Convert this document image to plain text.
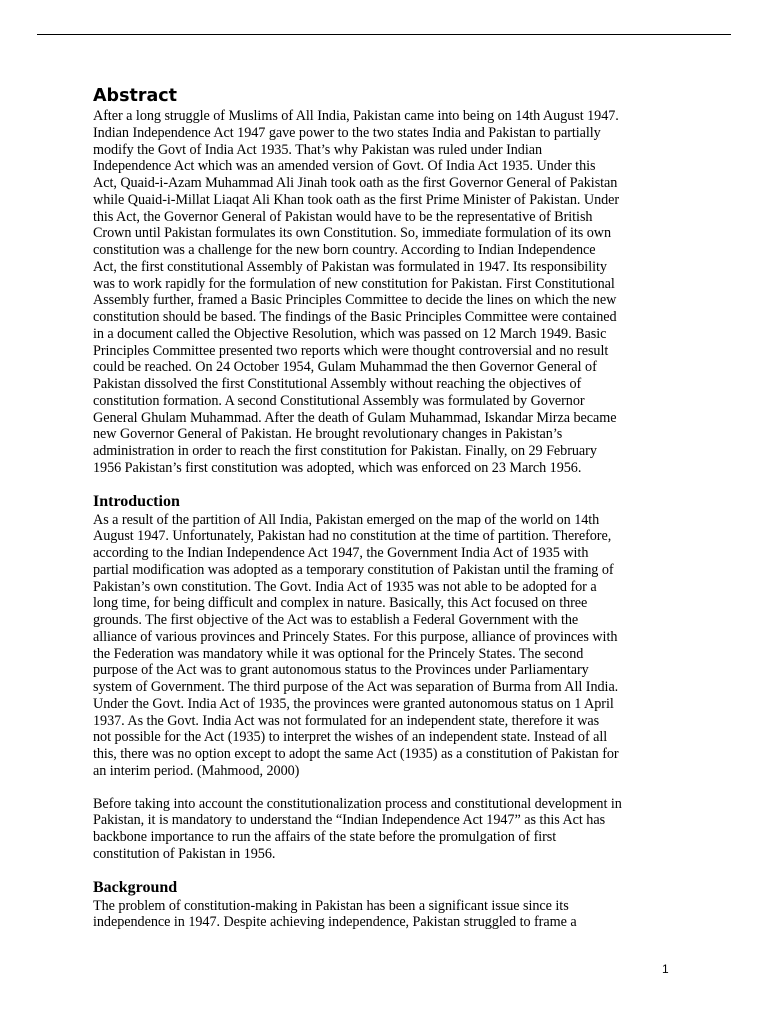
Abstract

After a long struggle of Muslims of All India, Pakistan came into being on 14th August 1947.
Indian Independence Act 1947 gave power to the two states India and Pakistan to partially
modify the Govt of India Act 1935. That’s why Pakistan was ruled under Indian
Independence Act which was an amended version of Govt. Of India Act 1935. Under this
Act, Quaid-i-Azam Muhammad Ali Jinah took oath as the first Governor General of Pakistan
while Quaid-i-Millat Liaqat Ali Khan took oath as the first Prime Minister of Pakistan. Under
this Act, the Governor General of Pakistan would have to be the representative of British
Crown until Pakistan formulates its own Constitution. So, immediate formulation of its own
constitution was a challenge for the new born country. According to Indian Independence
Act, the first constitutional Assembly of Pakistan was formulated in 1947. Its responsibility
was to work rapidly for the formulation of new constitution for Pakistan. First Constitutional
Assembly further, framed a Basic Principles Committee to decide the lines on which the new
constitution should be based. The findings of the Basic Principles Committee were contained
in a document called the Objective Resolution, which was passed on 12 March 1949. Basic
Principles Committee presented two reports which were thought controversial and no result
could be reached. On 24 October 1954, Gulam Muhammad the then Governor General of
Pakistan dissolved the first Constitutional Assembly without reaching the objectives of
constitution formation. A second Constitutional Assembly was formulated by Governor
General Ghulam Muhammad. After the death of Gulam Muhammad, Iskandar Mirza became
new Governor General of Pakistan. He brought revolutionary changes in Pakistan’s
administration in order to reach the first constitution for Pakistan. Finally, on 29 February
1956 Pakistan’s first constitution was adopted, which was enforced on 23 March 1956.

Introduction

As a result of the partition of All India, Pakistan emerged on the map of the world on 14th
August 1947. Unfortunately, Pakistan had no constitution at the time of partition. Therefore,
according to the Indian Independence Act 1947, the Government India Act of 1935 with
partial modification was adopted as a temporary constitution of Pakistan until the framing of
Pakistan’s own constitution. The Govt. India Act of 1935 was not able to be adopted for a
long time, for being difficult and complex in nature. Basically, this Act focused on three
grounds. The first objective of the Act was to establish a Federal Government with the
alliance of various provinces and Princely States. For this purpose, alliance of provinces with
the Federation was mandatory while it was optional for the Princely States. The second
purpose of the Act was to grant autonomous status to the Provinces under Parliamentary
system of Government. The third purpose of the Act was separation of Burma from All India.
Under the Govt. India Act of 1935, the provinces were granted autonomous status on 1 April
1937. As the Govt. India Act was not formulated for an independent state, therefore it was
not possible for the Act (1935) to interpret the wishes of an independent state. Instead of all
this, there was no option except to adopt the same Act (1935) as a constitution of Pakistan for
an interim period. (Mahmood, 2000)

Before taking into account the constitutionalization process and constitutional development in
Pakistan, it is mandatory to understand the “Indian Independence Act 1947” as this Act has
backbone importance to run the affairs of the state before the promulgation of first
constitution of Pakistan in 1956.

Background

The problem of constitution-making in Pakistan has been a significant issue since its
independence in 1947. Despite achieving independence, Pakistan struggled to frame a

1
